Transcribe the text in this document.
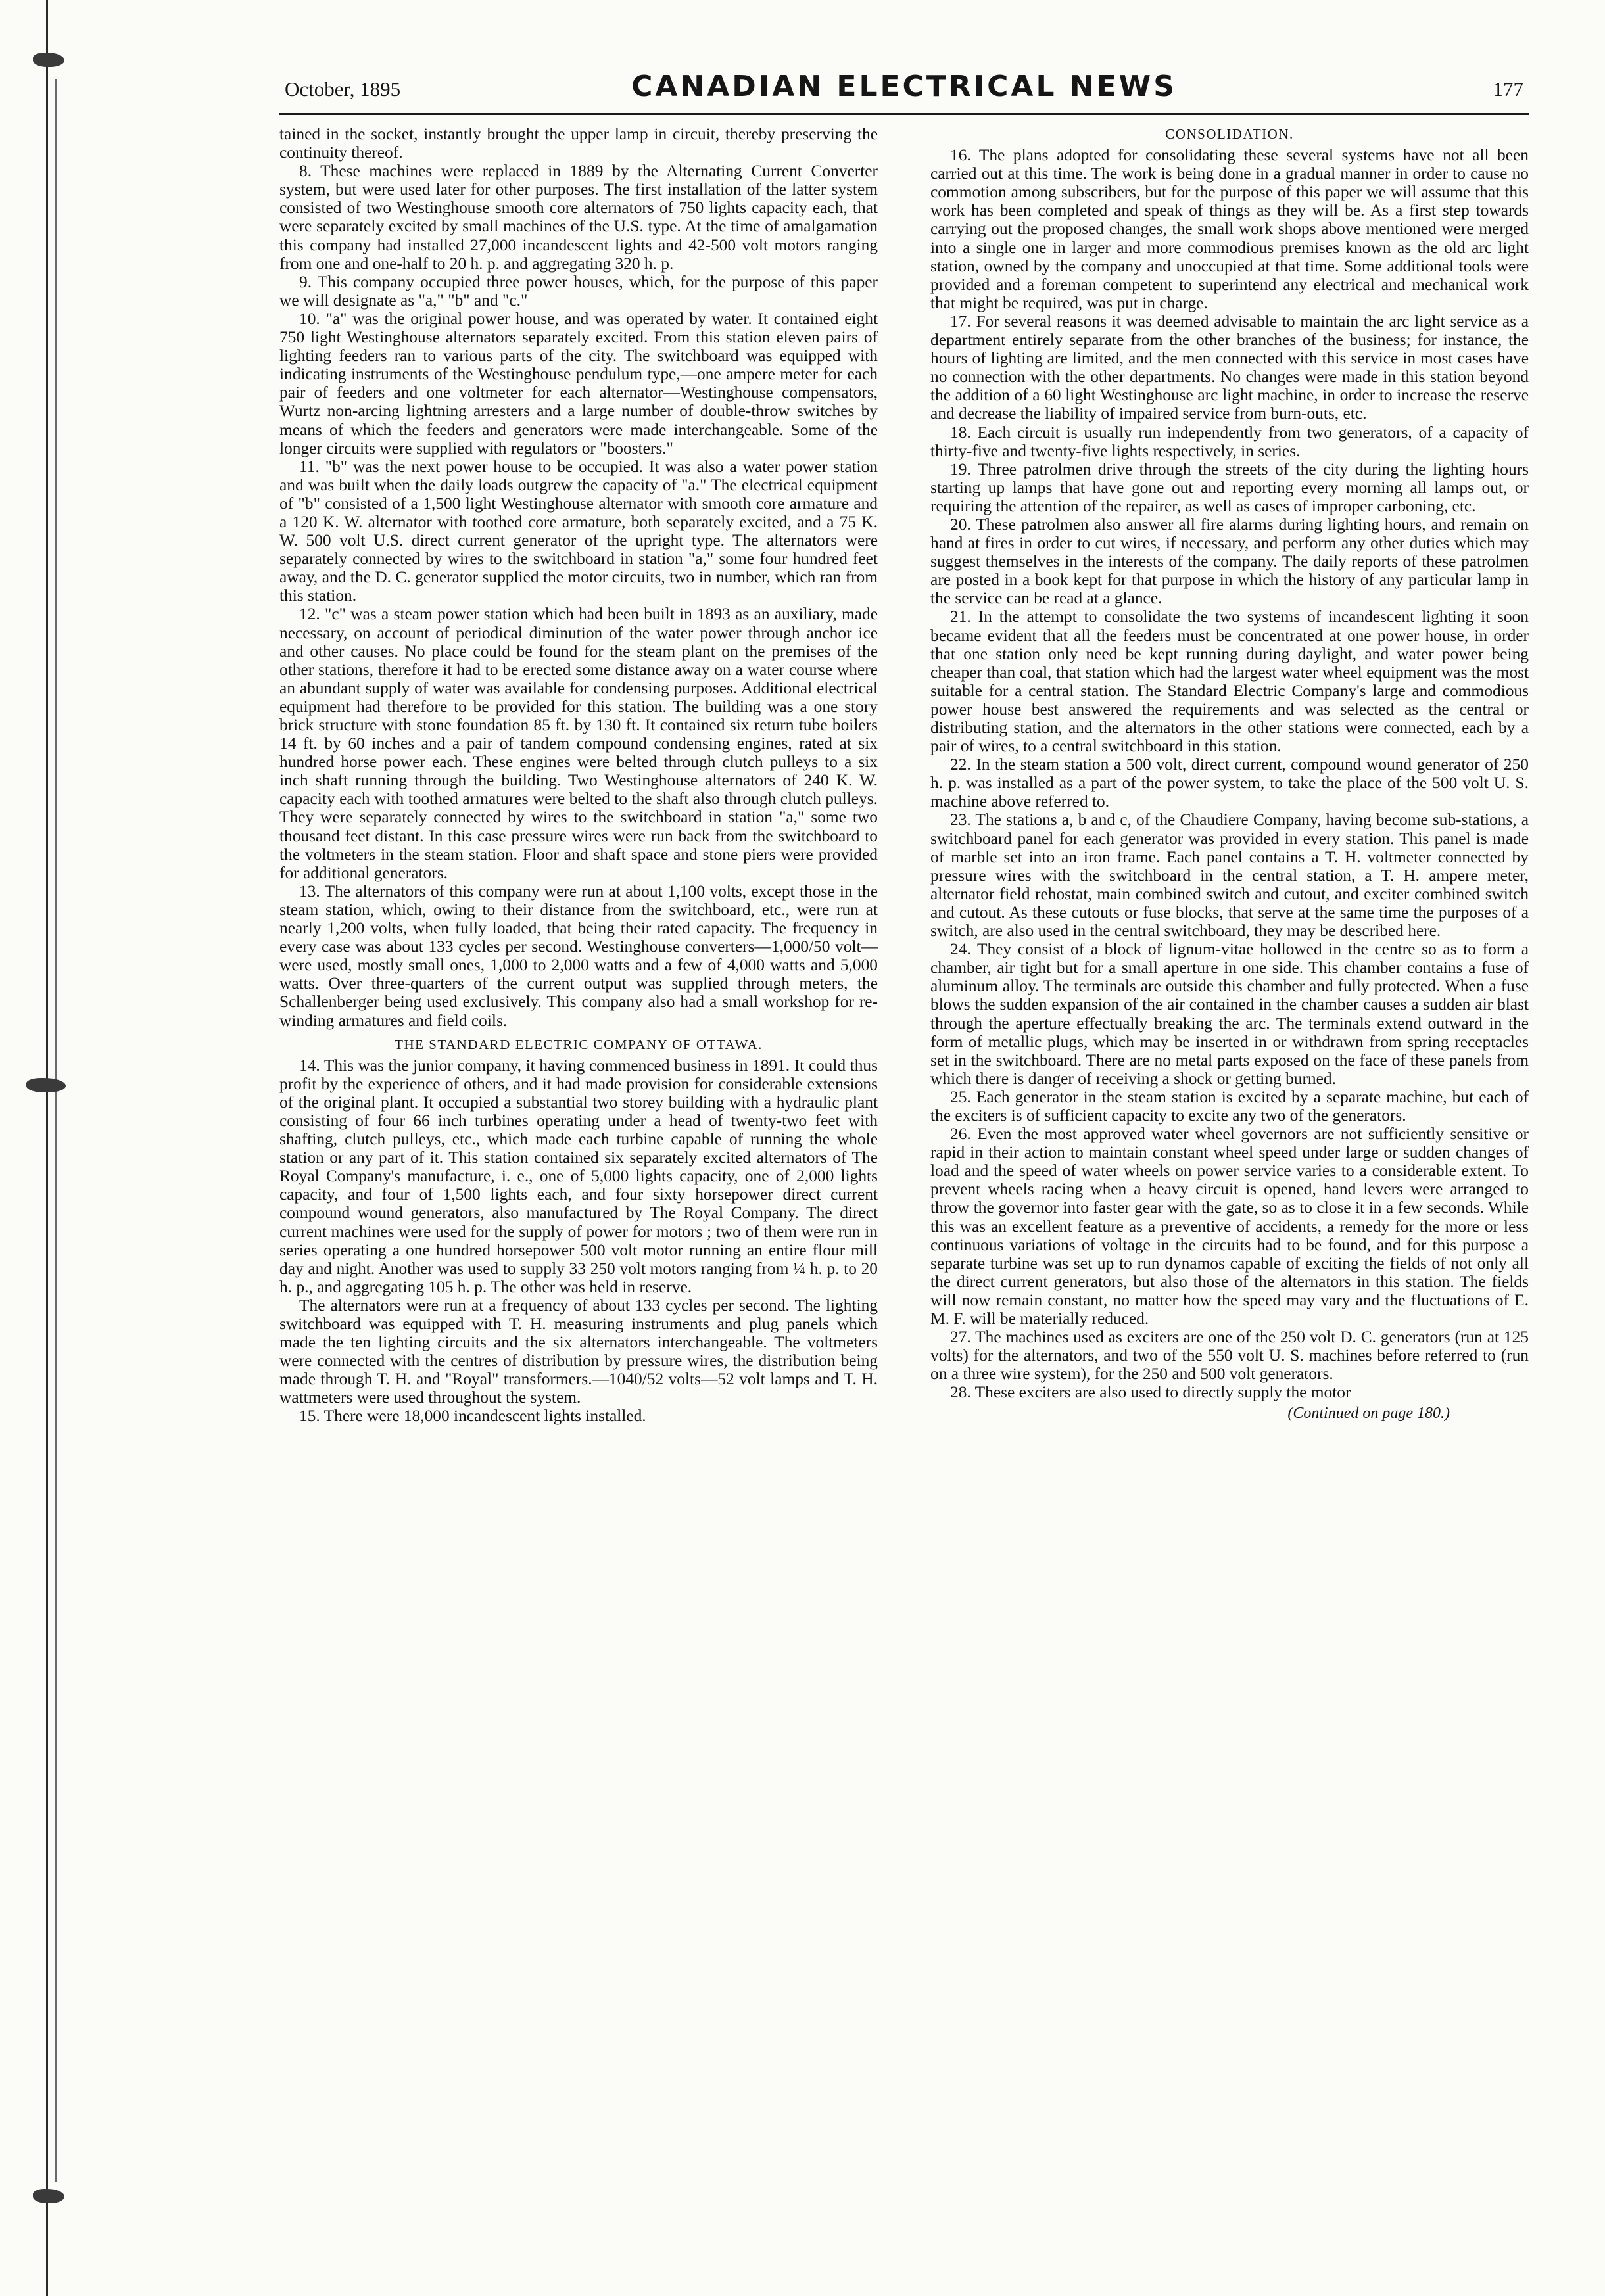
October, 1895	CANADIAN ELECTRICAL NEWS	177

tained in the socket, instantly brought the upper lamp in circuit, thereby preserving the continuity thereof.

8. These machines were replaced in 1889 by the Alternating Current Converter system, but were used later for other purposes. The first installation of the latter system consisted of two Westinghouse smooth core alternators of 750 lights capacity each, that were separately excited by small machines of the U.S. type. At the time of amalgamation this company had installed 27,000 incandescent lights and 42-500 volt motors ranging from one and one-half to 20 h. p. and aggregating 320 h. p.

9. This company occupied three power houses, which, for the purpose of this paper we will designate as "a," "b" and "c."

10. "a" was the original power house, and was operated by water. It contained eight 750 light Westinghouse alternators separately excited. From this station eleven pairs of lighting feeders ran to various parts of the city. The switchboard was equipped with indicating instruments of the Westinghouse pendulum type,—one ampere meter for each pair of feeders and one voltmeter for each alternator—Westinghouse compensators, Wurtz non-arcing lightning arresters and a large number of double-throw switches by means of which the feeders and generators were made interchangeable. Some of the longer circuits were supplied with regulators or "boosters."

11. "b" was the next power house to be occupied. It was also a water power station and was built when the daily loads outgrew the capacity of "a." The electrical equipment of "b" consisted of a 1,500 light Westinghouse alternator with smooth core armature and a 120 K. W. alternator with toothed core armature, both separately excited, and a 75 K. W. 500 volt U.S. direct current generator of the upright type. The alternators were separately connected by wires to the switchboard in station "a," some four hundred feet away, and the D. C. generator supplied the motor circuits, two in number, which ran from this station.

12. "c" was a steam power station which had been built in 1893 as an auxiliary, made necessary, on account of periodical diminution of the water power through anchor ice and other causes. No place could be found for the steam plant on the premises of the other stations, therefore it had to be erected some distance away on a water course where an abundant supply of water was available for condensing purposes. Additional electrical equipment had therefore to be provided for this station. The building was a one story brick structure with stone foundation 85 ft. by 130 ft. It contained six return tube boilers 14 ft. by 60 inches and a pair of tandem compound condensing engines, rated at six hundred horse power each. These engines were belted through clutch pulleys to a six inch shaft running through the building. Two Westinghouse alternators of 240 K. W. capacity each with toothed armatures were belted to the shaft also through clutch pulleys. They were separately connected by wires to the switchboard in station "a," some two thousand feet distant. In this case pressure wires were run back from the switchboard to the voltmeters in the steam station. Floor and shaft space and stone piers were provided for additional generators.

13. The alternators of this company were run at about 1,100 volts, except those in the steam station, which, owing to their distance from the switchboard, etc., were run at nearly 1,200 volts, when fully loaded, that being their rated capacity. The frequency in every case was about 133 cycles per second. Westinghouse converters—1,000/50 volt—were used, mostly small ones, 1,000 to 2,000 watts and a few of 4,000 watts and 5,000 watts. Over three-quarters of the current output was supplied through meters, the Schallenberger being used exclusively. This company also had a small workshop for re-winding armatures and field coils.

THE STANDARD ELECTRIC COMPANY OF OTTAWA.

14. This was the junior company, it having commenced business in 1891. It could thus profit by the experience of others, and it had made provision for considerable extensions of the original plant. It occupied a substantial two storey building with a hydraulic plant consisting of four 66 inch turbines operating under a head of twenty-two feet with shafting, clutch pulleys, etc., which made each turbine capable of running the whole station or any part of it. This station contained six separately excited alternators of The Royal Company's manufacture, i. e., one of 5,000 lights capacity, one of 2,000 lights capacity, and four of 1,500 lights each, and four sixty horsepower direct current compound wound generators, also manufactured by The Royal Company. The direct current machines were used for the supply of power for motors ; two of them were run in series operating a one hundred horsepower 500 volt motor running an entire flour mill day and night. Another was used to supply 33 250 volt motors ranging from ¼ h. p. to 20 h. p., and aggregating 105 h. p. The other was held in reserve.

The alternators were run at a frequency of about 133 cycles per second. The lighting switchboard was equipped with T. H. measuring instruments and plug panels which made the ten lighting circuits and the six alternators interchangeable. The voltmeters were connected with the centres of distribution by pressure wires, the distribution being made through T. H. and "Royal" transformers.—1040/52 volts—52 volt lamps and T. H. wattmeters were used throughout the system.

15. There were 18,000 incandescent lights installed.

CONSOLIDATION.

16. The plans adopted for consolidating these several systems have not all been carried out at this time. The work is being done in a gradual manner in order to cause no commotion among subscribers, but for the purpose of this paper we will assume that this work has been completed and speak of things as they will be. As a first step towards carrying out the proposed changes, the small work shops above mentioned were merged into a single one in larger and more commodious premises known as the old arc light station, owned by the company and unoccupied at that time. Some additional tools were provided and a foreman competent to superintend any electrical and mechanical work that might be required, was put in charge.

17. For several reasons it was deemed advisable to maintain the arc light service as a department entirely separate from the other branches of the business; for instance, the hours of lighting are limited, and the men connected with this service in most cases have no connection with the other departments. No changes were made in this station beyond the addition of a 60 light Westinghouse arc light machine, in order to increase the reserve and decrease the liability of impaired service from burn-outs, etc.

18. Each circuit is usually run independently from two generators, of a capacity of thirty-five and twenty-five lights respectively, in series.

19. Three patrolmen drive through the streets of the city during the lighting hours starting up lamps that have gone out and reporting every morning all lamps out, or requiring the attention of the repairer, as well as cases of improper carboning, etc.

20. These patrolmen also answer all fire alarms during lighting hours, and remain on hand at fires in order to cut wires, if necessary, and perform any other duties which may suggest themselves in the interests of the company. The daily reports of these patrolmen are posted in a book kept for that purpose in which the history of any particular lamp in the service can be read at a glance.

21. In the attempt to consolidate the two systems of incandescent lighting it soon became evident that all the feeders must be concentrated at one power house, in order that one station only need be kept running during daylight, and water power being cheaper than coal, that station which had the largest water wheel equipment was the most suitable for a central station. The Standard Electric Company's large and commodious power house best answered the requirements and was selected as the central or distributing station, and the alternators in the other stations were connected, each by a pair of wires, to a central switchboard in this station.

22. In the steam station a 500 volt, direct current, compound wound generator of 250 h. p. was installed as a part of the power system, to take the place of the 500 volt U. S. machine above referred to.

23. The stations a, b and c, of the Chaudiere Company, having become sub-stations, a switchboard panel for each generator was provided in every station. This panel is made of marble set into an iron frame. Each panel contains a T. H. voltmeter connected by pressure wires with the switchboard in the central station, a T. H. ampere meter, alternator field rehostat, main combined switch and cutout, and exciter combined switch and cutout. As these cutouts or fuse blocks, that serve at the same time the purposes of a switch, are also used in the central switchboard, they may be described here.

24. They consist of a block of lignum-vitae hollowed in the centre so as to form a chamber, air tight but for a small aperture in one side. This chamber contains a fuse of aluminum alloy. The terminals are outside this chamber and fully protected. When a fuse blows the sudden expansion of the air contained in the chamber causes a sudden air blast through the aperture effectually breaking the arc. The terminals extend outward in the form of metallic plugs, which may be inserted in or withdrawn from spring receptacles set in the switchboard. There are no metal parts exposed on the face of these panels from which there is danger of receiving a shock or getting burned.

25. Each generator in the steam station is excited by a separate machine, but each of the exciters is of sufficient capacity to excite any two of the generators.

26. Even the most approved water wheel governors are not sufficiently sensitive or rapid in their action to maintain constant wheel speed under large or sudden changes of load and the speed of water wheels on power service varies to a considerable extent. To prevent wheels racing when a heavy circuit is opened, hand levers were arranged to throw the governor into faster gear with the gate, so as to close it in a few seconds. While this was an excellent feature as a preventive of accidents, a remedy for the more or less continuous variations of voltage in the circuits had to be found, and for this purpose a separate turbine was set up to run dynamos capable of exciting the fields of not only all the direct current generators, but also those of the alternators in this station. The fields will now remain constant, no matter how the speed may vary and the fluctuations of E. M. F. will be materially reduced.

27. The machines used as exciters are one of the 250 volt D. C. generators (run at 125 volts) for the alternators, and two of the 550 volt U. S. machines before referred to (run on a three wire system), for the 250 and 500 volt generators.

28. These exciters are also used to directly supply the motor

(Continued on page 180.)
